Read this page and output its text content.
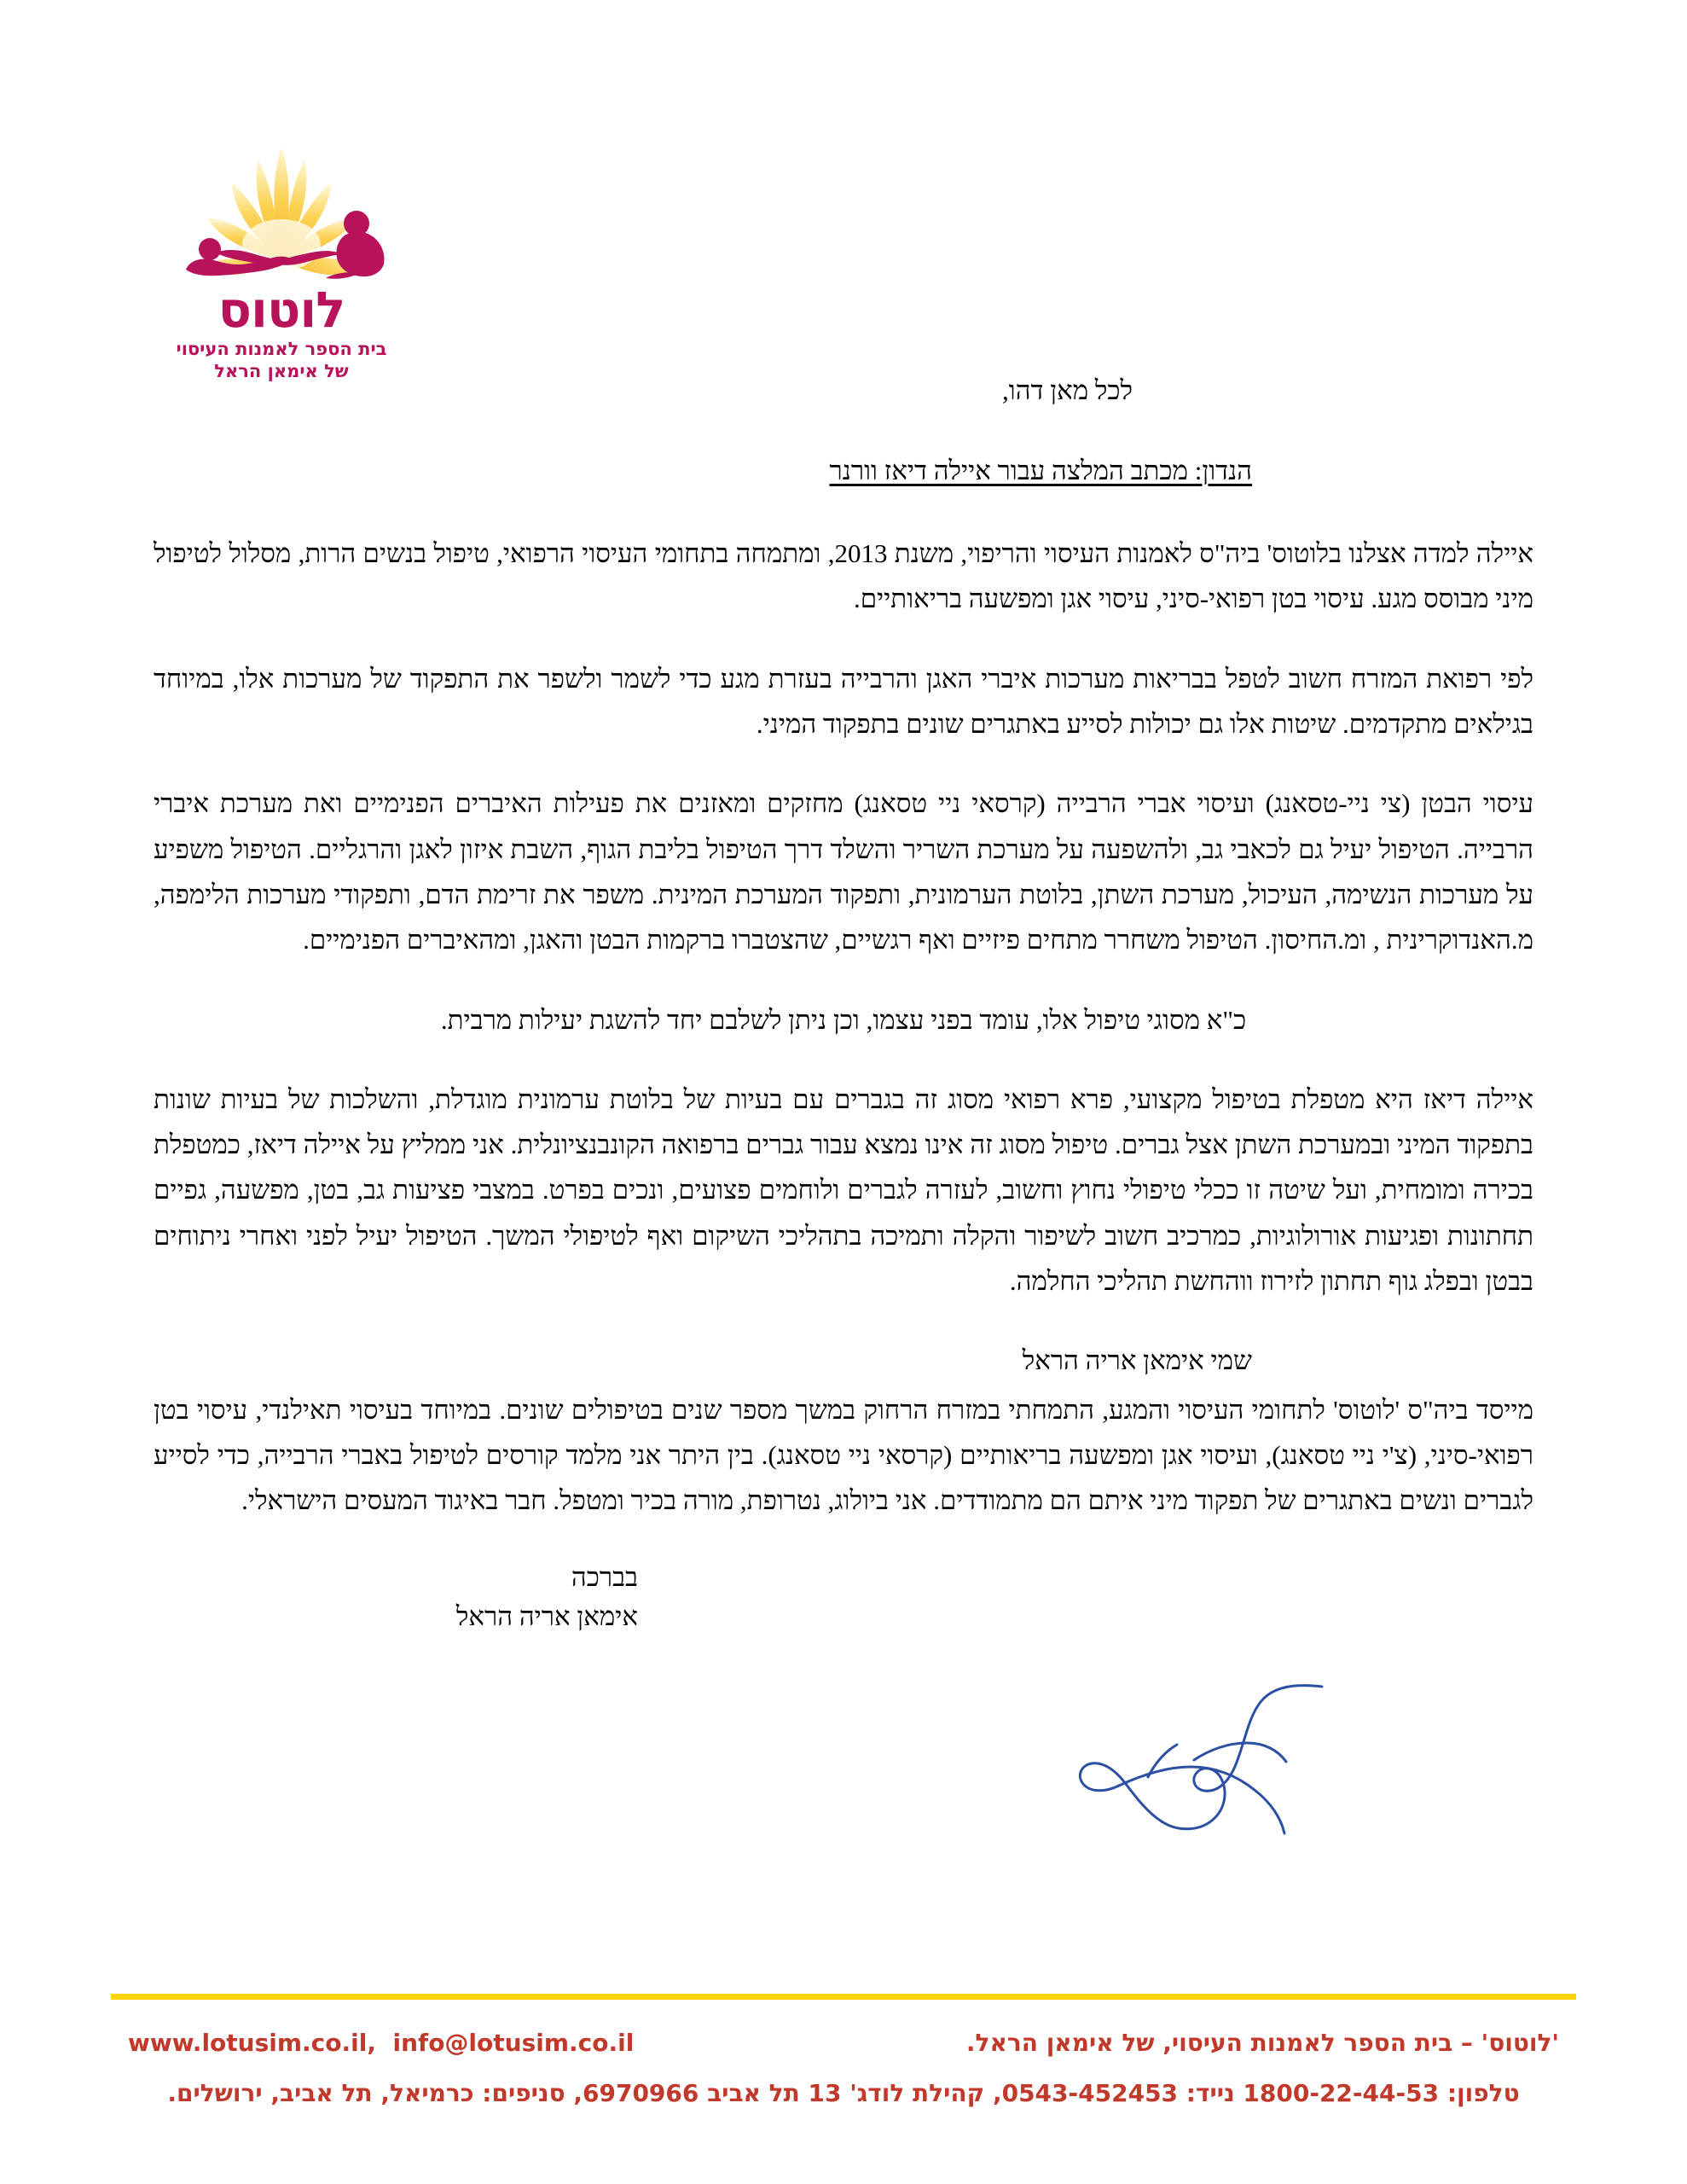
לוטוס
בית הספר לאמנות העיסוי
של אימאן הראל

לכל מאן דהו,

הנדון: מכתב המלצה עבור איילה דיאז וורנר

איילה למדה אצלנו בלוטוס' ביה"ס לאמנות העיסוי והריפוי, משנת 2013, ומתמחה בתחומי העיסוי הרפואי, טיפול בנשים הרות, מסלול לטיפול מיני מבוסס מגע. עיסוי בטן רפואי-סיני, עיסוי אגן ומפשעה בריאותיים.

לפי רפואת המזרח חשוב לטפל בבריאות מערכות איברי האגן והרבייה בעזרת מגע כדי לשמר ולשפר את התפקוד של מערכות אלו, במיוחד בגילאים מתקדמים. שיטות אלו גם יכולות לסייע באתגרים שונים בתפקוד המיני.

עיסוי הבטן (צי ניי-טסאנג) ועיסוי אברי הרבייה (קרסאי ניי טסאנג) מחזקים ומאזנים את פעילות האיברים הפנימיים ואת מערכת איברי הרבייה. הטיפול יעיל גם לכאבי גב, ולהשפעה על מערכת השריר והשלד דרך הטיפול בליבת הגוף, השבת איזון לאגן והרגליים. הטיפול משפיע על מערכות הנשימה, העיכול, מערכת השתן, בלוטת הערמונית, ותפקוד המערכת המינית. משפר את זרימת הדם, ותפקודי מערכות הלימפה, מ.האנדוקרינית , ומ.החיסון. הטיפול משחרר מתחים פיזיים ואף רגשיים, שהצטברו ברקמות הבטן והאגן, ומהאיברים הפנימיים.

כ"א מסוגי טיפול אלו, עומד בפני עצמו, וכן ניתן לשלבם יחד להשגת יעילות מרבית.

איילה דיאז היא מטפלת בטיפול מקצועי, פרא רפואי מסוג זה בגברים עם בעיות של בלוטת ערמונית מוגדלת, והשלכות של בעיות שונות בתפקוד המיני ובמערכת השתן אצל גברים. טיפול מסוג זה אינו נמצא עבור גברים ברפואה הקונבנציונלית. אני ממליץ על איילה דיאז, כמטפלת בכירה ומומחית, ועל שיטה זו ככלי טיפולי נחוץ וחשוב, לעזרה לגברים ולוחמים פצועים, ונכים בפרט. במצבי פציעות גב, בטן, מפשעה, גפיים תחתונות ופגיעות אורולוגיות, כמרכיב חשוב לשיפור והקלה ותמיכה בתהליכי השיקום ואף לטיפולי המשך. הטיפול יעיל לפני ואחרי ניתוחים בבטן ובפלג גוף תחתון לזירוז ווהחשת תהליכי החלמה.

שמי אימאן אריה הראל

מייסד ביה"ס 'לוטוס' לתחומי העיסוי והמגע, התמחתי במזרח הרחוק במשך מספר שנים בטיפולים שונים. במיוחד בעיסוי תאילנדי, עיסוי בטן רפואי-סיני, (צ'י ניי טסאנג), ועיסוי אגן ומפשעה בריאותיים (קרסאי ניי טסאנג). בין היתר אני מלמד קורסים לטיפול באברי הרבייה, כדי לסייע לגברים ונשים באתגרים של תפקוד מיני איתם הם מתמודדים. אני ביולוג, נטרופת, מורה בכיר ומטפל. חבר באיגוד המעסים הישראלי.

בברכה
אימאן אריה הראל

'לוטוס' – בית הספר לאמנות העיסוי, של אימאן הראל.
www.lotusim.co.il, info@lotusim.co.il
טלפון: 1800-22-44-53 נייד: 0543-452453, קהילת לודג' 13 תל אביב 6970966, סניפים: כרמיאל, תל אביב, ירושלים.
